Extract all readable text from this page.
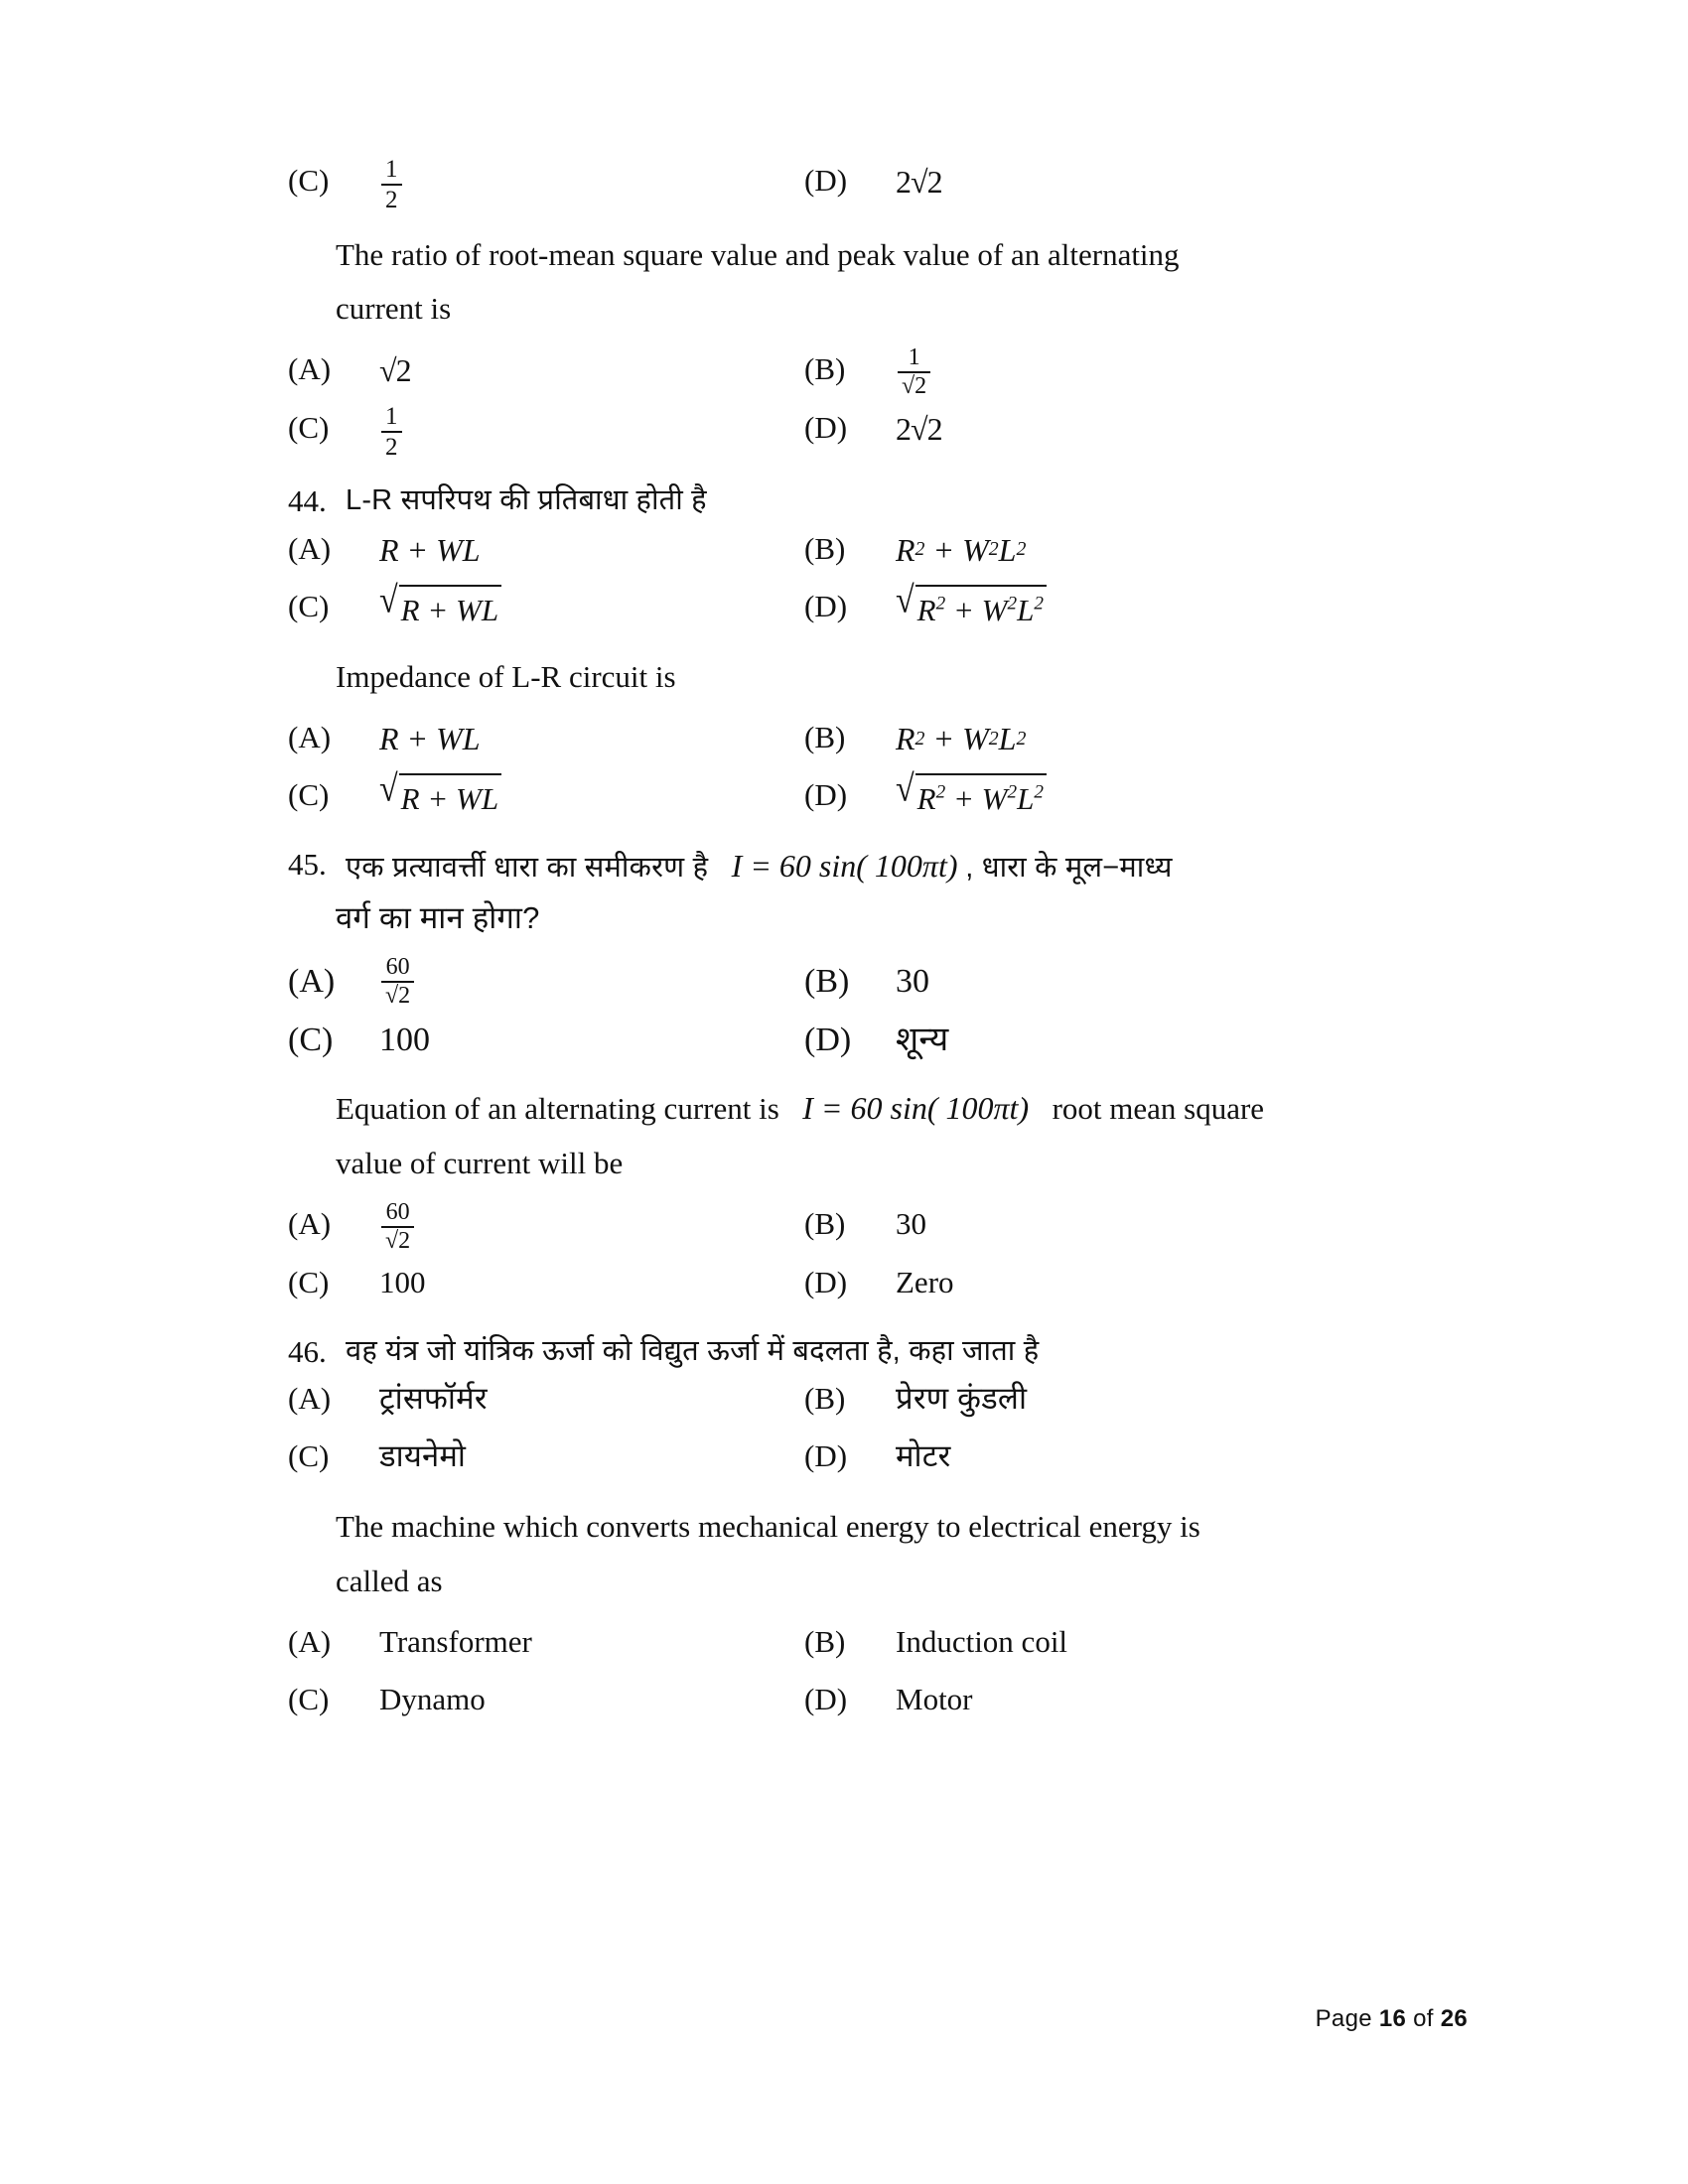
(C)	$\frac{1}{2}$	(D)	2√2
The ratio of root-mean square value and peak value of an alternating
current is
(A)	√2	(B)	$\frac{1}{√2}$
(C)	$\frac{1}{2}$	(D)	2√2
44. L-R सपरिपथ की प्रतिबाधा होती है
(A)	R + WL	(B)	R 2 + W 2 L 2
(C)	√ R + WL	(D)	√ $R^2 + W^2L^2$
Impedance of L-R circuit is
(A)	R + WL	(B)	R 2 + W 2 L 2
(C)	√ R + WL	(D)	√ $R^2 + W^2L^2$
45. एक प्रत्यावर्त्ती धारा का समीकरण है I = 60 sin( 100πt) , धारा के मूल−माध्य
वर्ग का मान होगा?
(A)	$\frac{60}{√2}$	(B)	30
(C)	100	(D)	शून्य
Equation of an alternating current is I = 60 sin( 100πt) root mean square
value of current will be
(A)	$\frac{60}{√2}$	(B)	30
(C)	100	(D)	Zero
46. वह यंत्र जो यांत्रिक ऊर्जा को विद्युत ऊर्जा में बदलता है, कहा जाता है
(A)	ट्रांसफॉर्मर	(B)	प्रेरण कुंडली
(C)	डायनेमो	(D)	मोटर
The machine which converts mechanical energy to electrical energy is
called as
(A)	Transformer	(B)	Induction coil
(C)	Dynamo	(D)	Motor
Page 16 of 26
